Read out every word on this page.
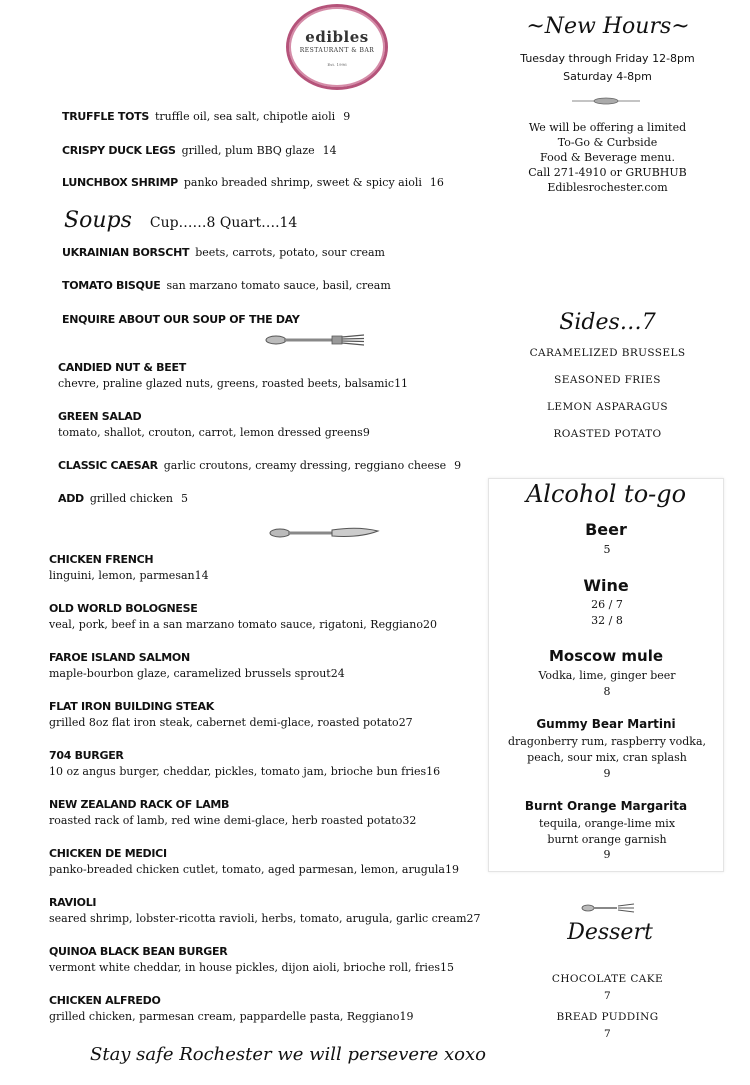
edibles
RESTAURANT & BAR
Est. 1996
TRUFFLE TOTS truffle oil, sea salt, chipotle aioli 9
CRISPY DUCK LEGS grilled, plum BBQ glaze 14
LUNCHBOX SHRIMP panko breaded shrimp, sweet & spicy aioli 16
Soups Cup……8 Quart….14
UKRAINIAN BORSCHT beets, carrots, potato, sour cream
TOMATO BISQUE san marzano tomato sauce, basil, cream
ENQUIRE ABOUT OUR SOUP OF THE DAY
CANDIED NUT & BEET
chevre, praline glazed nuts, greens, roasted beets, balsamic11
GREEN SALAD
tomato, shallot, crouton, carrot, lemon dressed greens9
CLASSIC CAESAR garlic croutons, creamy dressing, reggiano cheese 9
ADD grilled chicken 5
CHICKEN FRENCH
linguini, lemon, parmesan14
OLD WORLD BOLOGNESE
veal, pork, beef in a san marzano tomato sauce, rigatoni, Reggiano20
FAROE ISLAND SALMON
maple-bourbon glaze, caramelized brussels sprout24
FLAT IRON BUILDING STEAK
grilled 8oz flat iron steak, cabernet demi-glace, roasted potato27
704 BURGER
10 oz angus burger, cheddar, pickles, tomato jam, brioche bun fries16
NEW ZEALAND RACK OF LAMB
roasted rack of lamb, red wine demi-glace, herb roasted potato32
CHICKEN DE MEDICI
panko-breaded chicken cutlet, tomato, aged parmesan, lemon, arugula19
RAVIOLI
seared shrimp, lobster-ricotta ravioli, herbs, tomato, arugula, garlic cream27
QUINOA BLACK BEAN BURGER
vermont white cheddar, in house pickles, dijon aioli, brioche roll, fries15
CHICKEN ALFREDO
grilled chicken, parmesan cream, pappardelle pasta, Reggiano19
Stay safe Rochester we will persevere xoxo
~New Hours~
Tuesday through Friday 12-8pm
Saturday 4-8pm
We will be offering a limited
To-Go & Curbside
Food & Beverage menu.
Call 271-4910 or GRUBHUB
Ediblesrochester.com
Sides…7
CARAMELIZED BRUSSELS
SEASONED FRIES
LEMON ASPARAGUS
ROASTED POTATO
Alcohol to-go
Beer
5
Wine
26 / 7
32 / 8
Moscow mule
Vodka, lime, ginger beer
8
Gummy Bear Martini
dragonberry rum, raspberry vodka,
peach, sour mix, cran splash
9
Burnt Orange Margarita
tequila, orange-lime mix
burnt orange garnish
9
Dessert
CHOCOLATE CAKE
7
BREAD PUDDING
7
